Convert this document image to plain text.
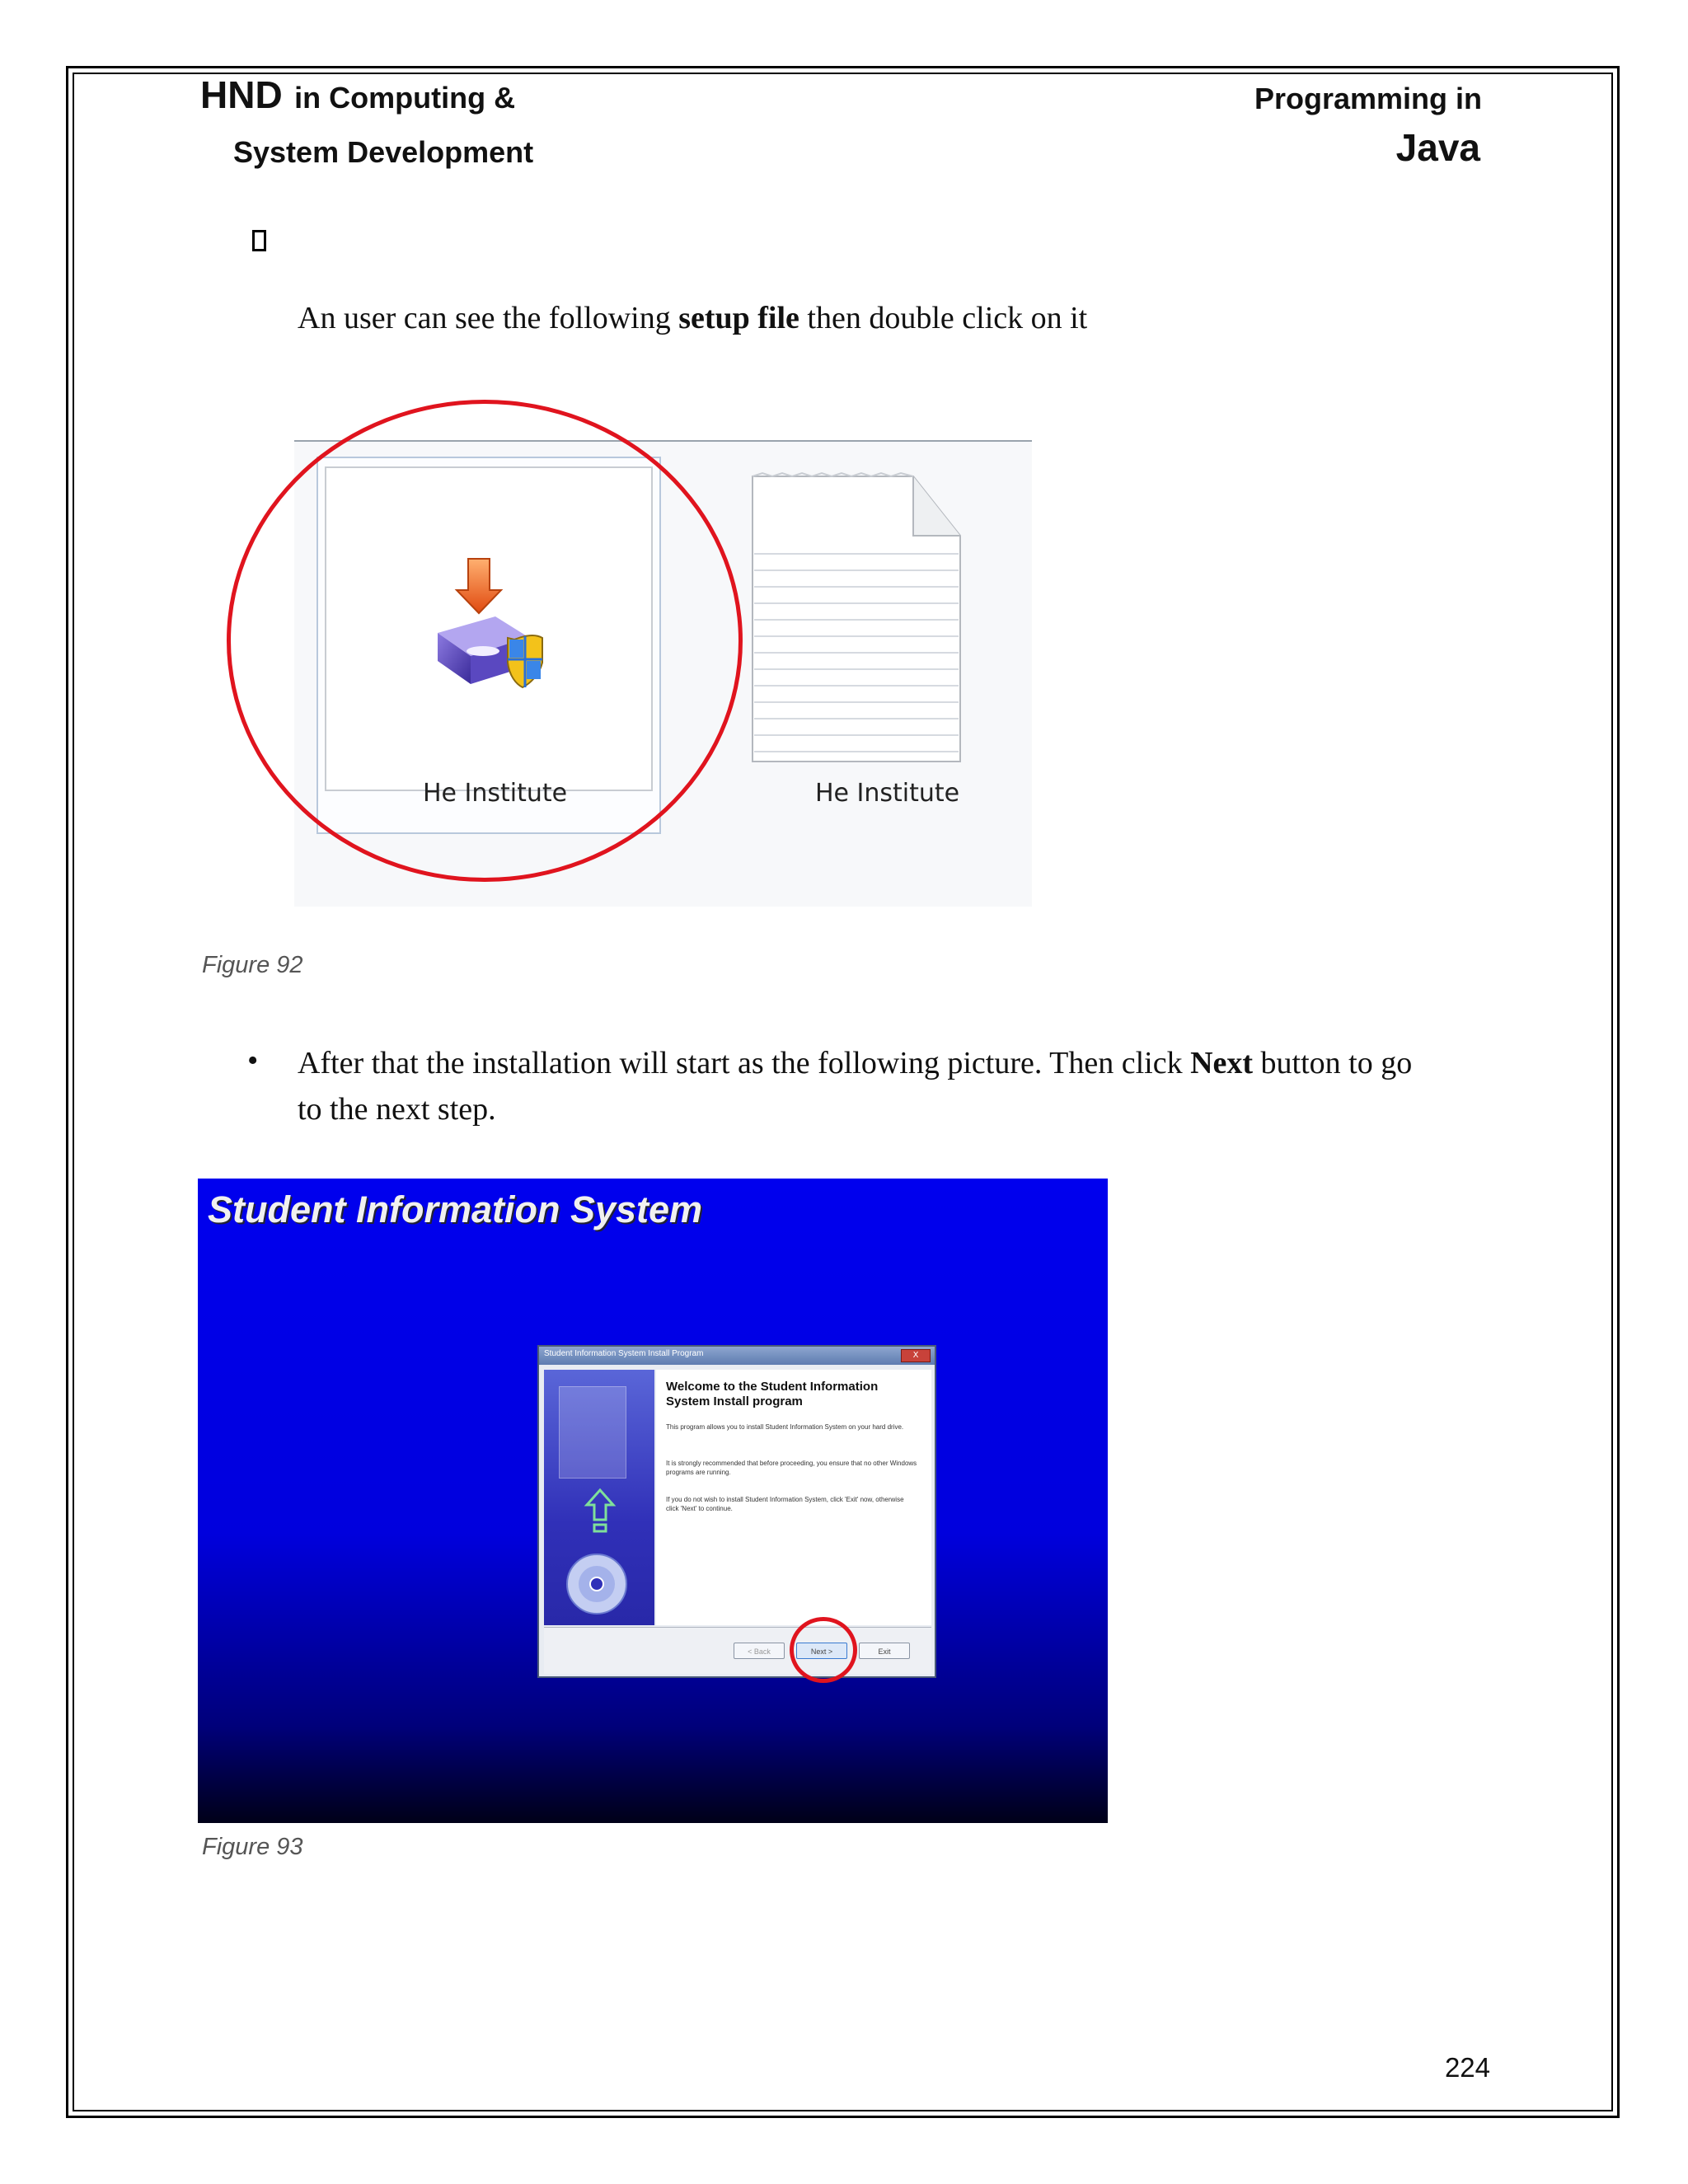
HND in Computing &
System Development
Programming in
Java
An user can see the following setup file then double click on it
He Institute	He Institute
Figure 92
• After that the installation will start as the following picture. Then click Next button to go
to the next step.
Student Information System
Student Information System Install Program	X
Welcome to the Student Information System Install program
This program allows you to install Student Information System on your hard drive.
It is strongly recommended that before proceeding, you ensure that no other Windows programs are running.
If you do not wish to install Student Information System, click 'Exit' now, otherwise click 'Next' to continue.
< Back	Next >	Exit
Figure 93
224
